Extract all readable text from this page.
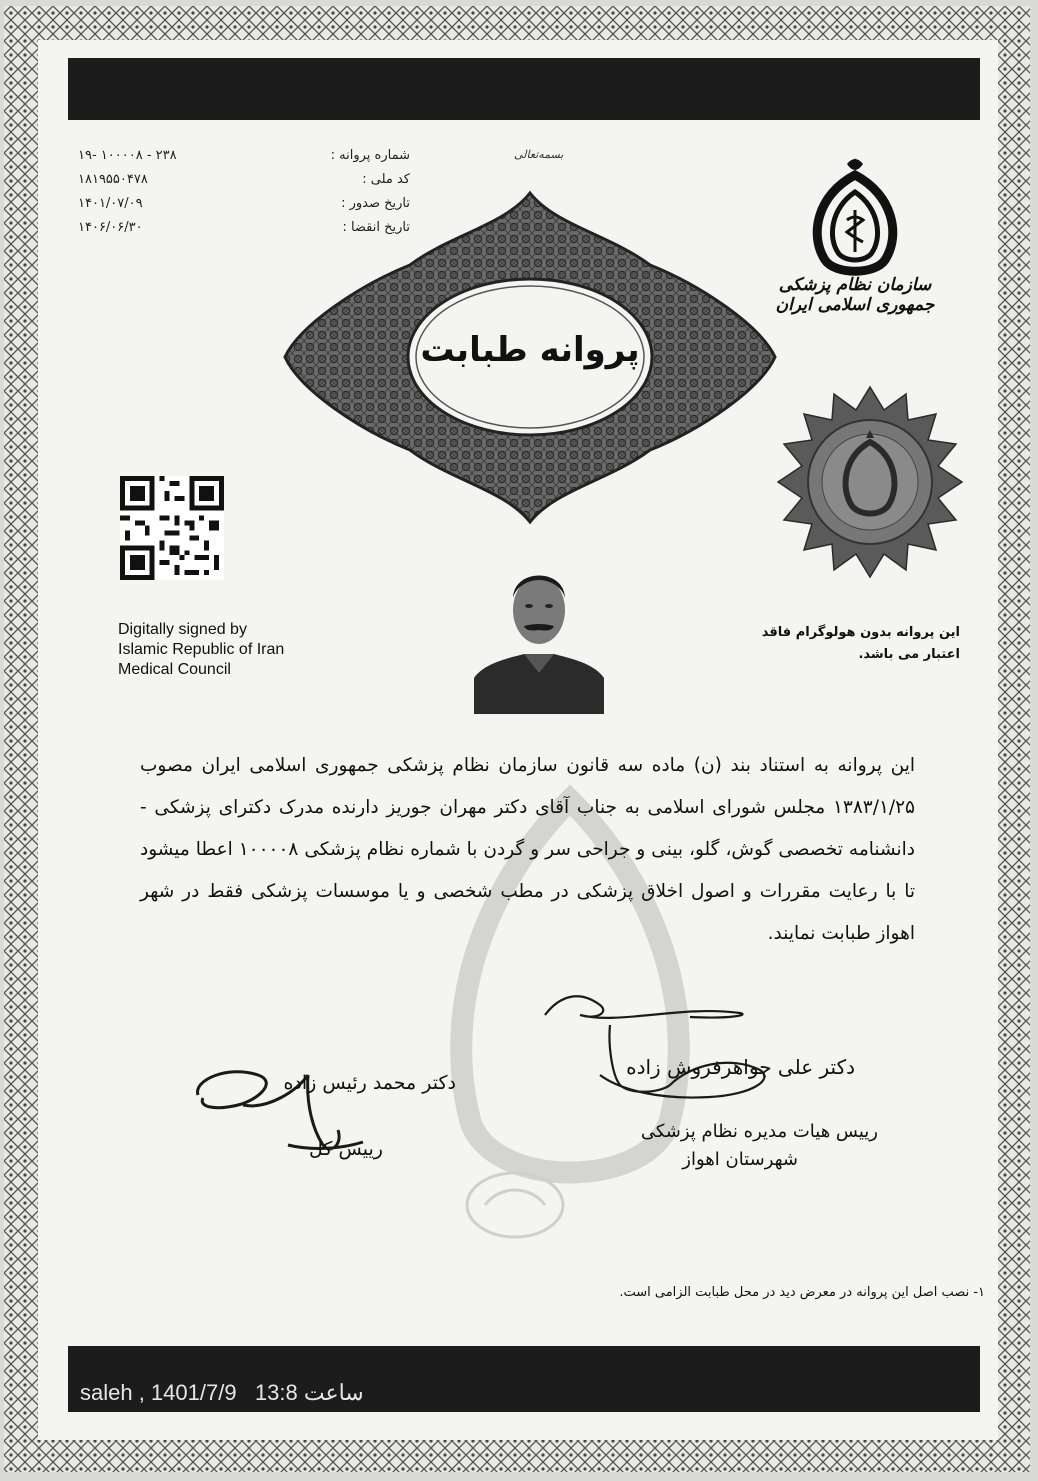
۱۹- ۱۰۰۰۰۸ - ۲۳۸	شماره پروانه :
۱۸۱۹۵۵۰۴۷۸	کد ملی :
۱۴۰۱/۰۷/۰۹	تاریخ صدور :
۱۴۰۶/۰۶/۳۰	تاریخ انقضا :
بسمه‌تعالی
سازمان نظام پزشکی جمهوری اسلامی ایران
پروانه طبابت
Digitally signed by
Islamic Republic of Iran
Medical Council
این پروانه بدون هولوگرام فاقد
اعتبار می باشد.
این پروانه به استناد بند (ن) ماده سه قانون سازمان نظام پزشکی جمهوری اسلامی ایران مصوب ۱۳۸۳/۱/۲۵ مجلس شورای اسلامی به جناب آقای دکتر مهران جوریز دارنده مدرک دکترای پزشکی - دانشنامه تخصصی گوش، گلو، بینی و جراحی سر و گردن با شماره نظام پزشکی ۱۰۰۰۰۸ اعطا میشود تا با رعایت مقررات و اصول اخلاق پزشکی در مطب شخصی و یا موسسات پزشکی فقط در شهر اهواز طبابت نمایند.
دکتر علی جواهرفروش زاده
رییس هیات مدیره نظام پزشکی
شهرستان اهواز
دکتر محمد رئیس زاده
رییس کل
۱- نصب اصل این پروانه در معرض دید در محل طبابت الزامی است.
saleh , 1401/7/9   13:8 ساعت
